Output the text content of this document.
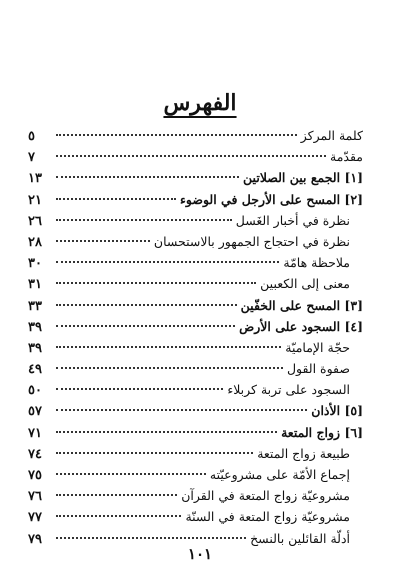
الفهرس
كلمة المركز
٥
مقدّمة
٧
[١] الجمع بين الصلاتين
١٣
[٢] المسح على الأرجل في الوضوء
٢١
نظرة في أخبار الغَسل
٢٦
نظرة في احتجاج الجمهور بالاستحسان
٢٨
ملاحظة هامّة
٣٠
معنى إلى الكعبين
٣١
[٣] المسح على الخفّين
٣٣
[٤] السجود على الأرض
٣٩
حجّة الإماميّة
٣٩
صفوة القول
٤٩
السجود على تربة كربلاء
٥٠
[٥] الأذان
٥٧
[٦] زواج المتعة
٧١
طبيعة زواج المتعة
٧٤
إجماع الأمّة على مشروعيّته
٧٥
مشروعيّة زواج المتعة في القرآن
٧٦
مشروعيّة زواج المتعة في السنّة
٧٧
أدلّة القائلين بالنسخ
٧٩
١٠١
